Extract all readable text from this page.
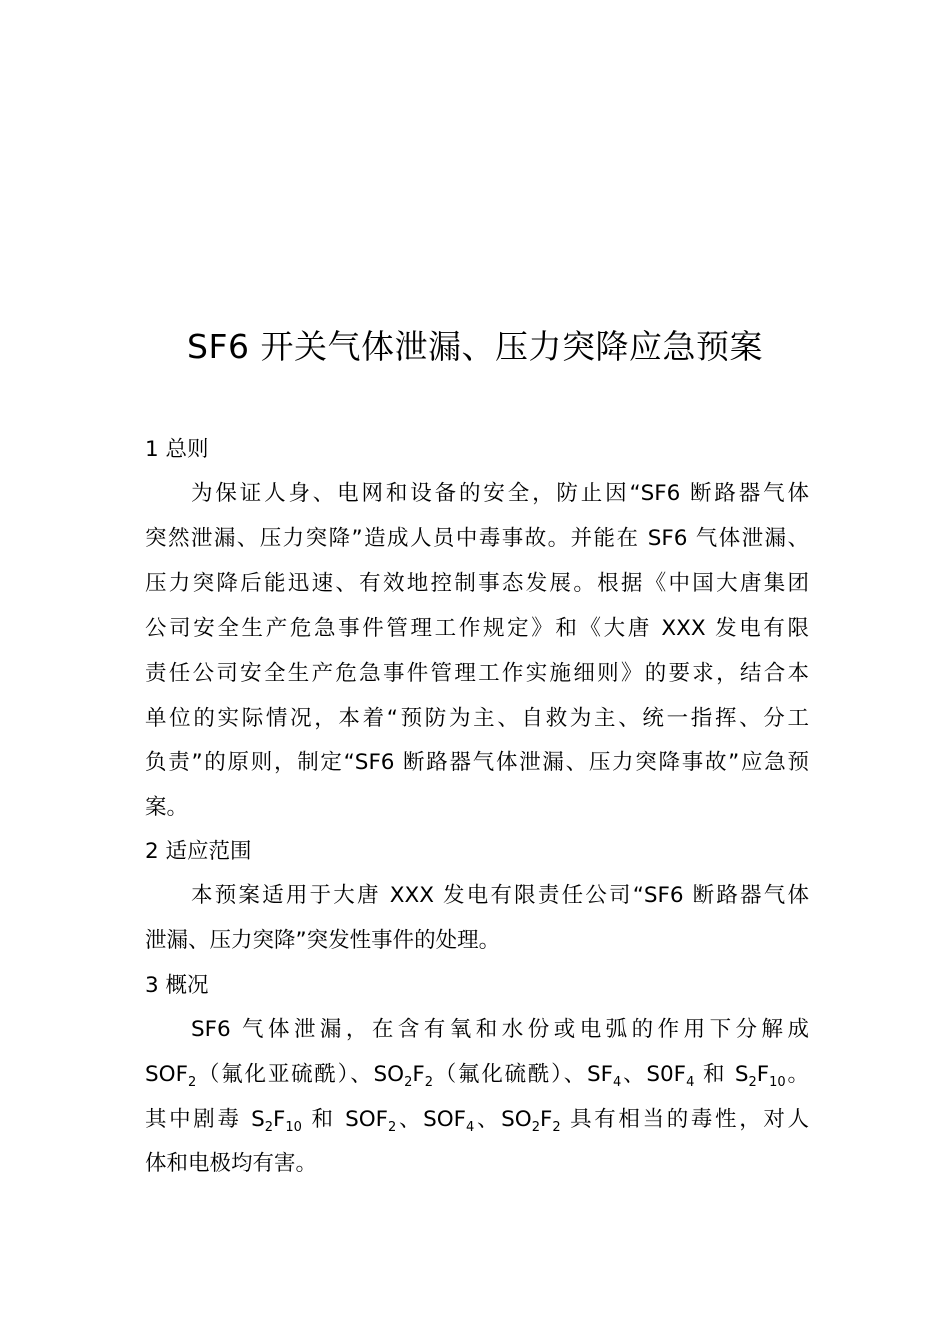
SF6 开关气体泄漏、压力突降应急预案
1 总则
为保证人身、电网和设备的安全，防止因“SF6 断路器气体
突然泄漏、压力突降”造成人员中毒事故。并能在 SF6 气体泄漏、
压力突降后能迅速、有效地控制事态发展。根据《中国大唐集团
公司安全生产危急事件管理工作规定》和《大唐 XXX 发电有限
责任公司安全生产危急事件管理工作实施细则》的要求，结合本
单位的实际情况，本着“预防为主、自救为主、统一指挥、分工
负责”的原则，制定“SF6 断路器气体泄漏、压力突降事故”应急预
案。
2 适应范围
本预案适用于大唐 XXX 发电有限责任公司“SF6 断路器气体
泄漏、压力突降”突发性事件的处理。
3 概况
SF6 气体泄漏，在含有氧和水份或电弧的作用下分解成
$SOF_2$（氟化亚硫酰）、$SO_2F_2$（氟化硫酰）、$SF_4$、$S0F_4$ 和 $S_2F_{10}$。
其中剧毒 $S_2F_{10}$ 和 $SOF_2$、$SOF_4$、$SO_2F_2$ 具有相当的毒性，对人
体和电极均有害。
